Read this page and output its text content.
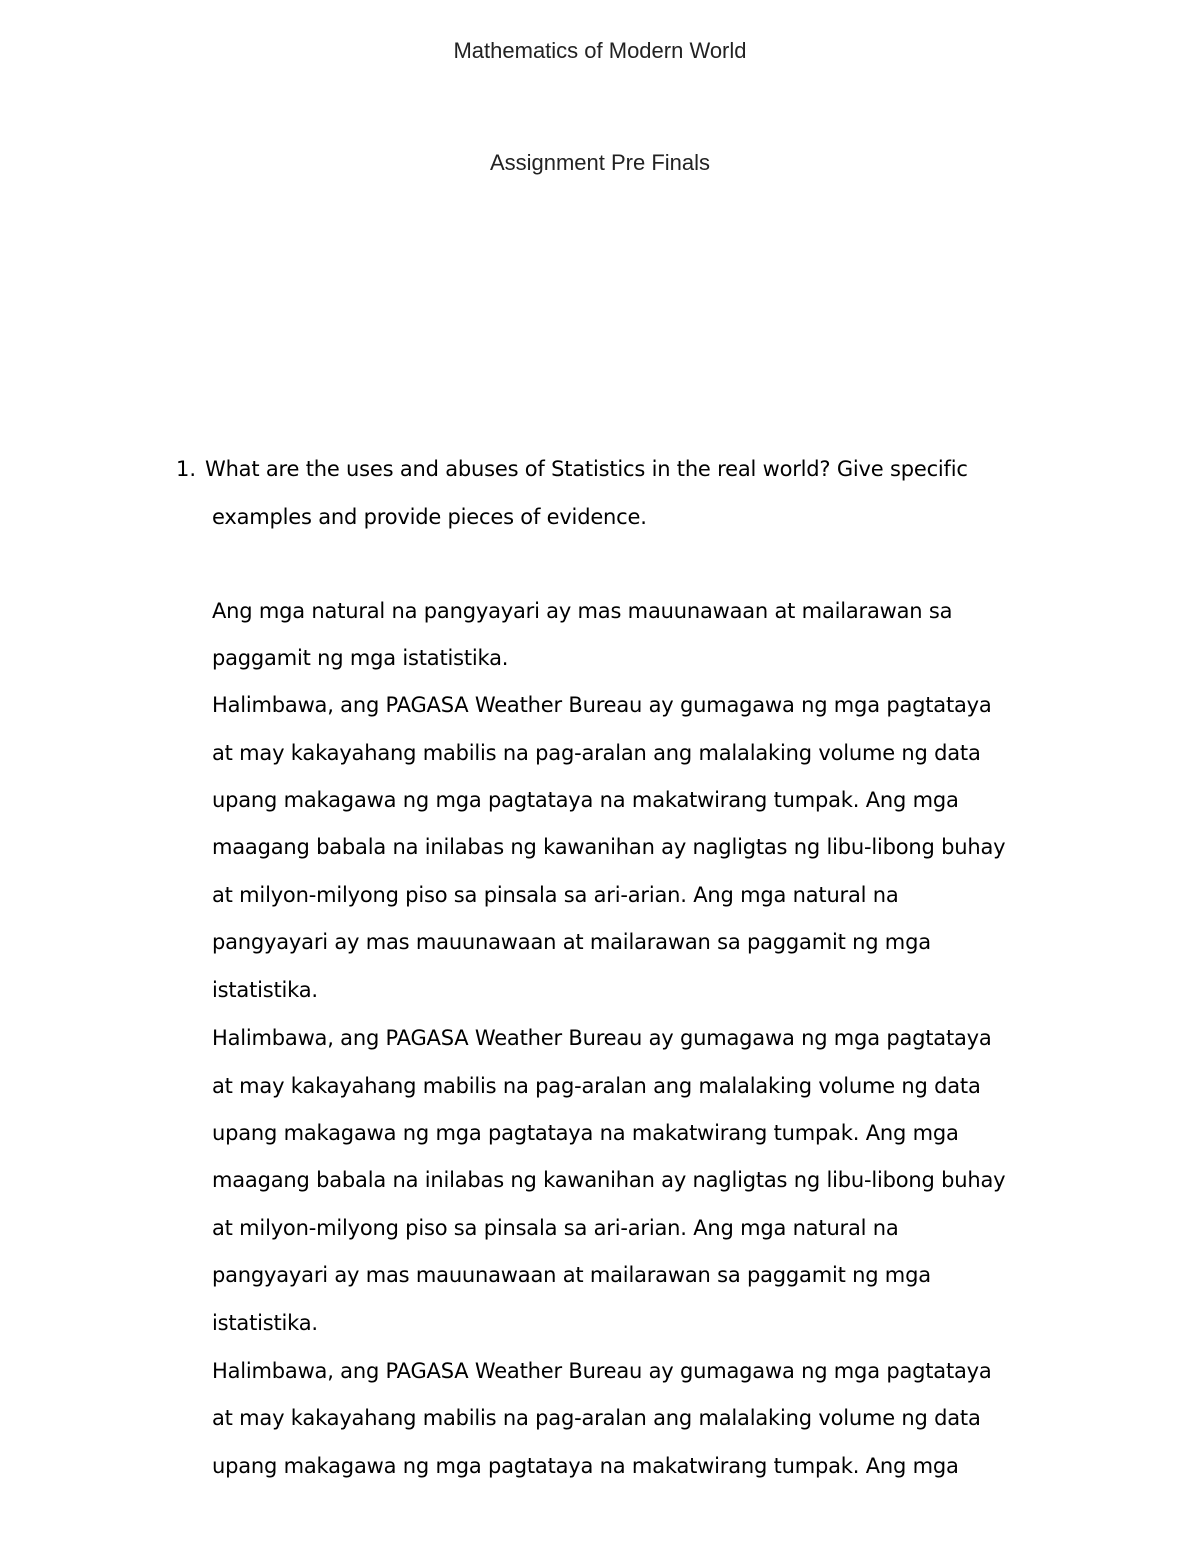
Mathematics of Modern World
Assignment Pre Finals
1. What are the uses and abuses of Statistics in the real world? Give specific
examples and provide pieces of evidence.
Ang mga natural na pangyayari ay mas mauunawaan at mailarawan sa
paggamit ng mga istatistika.
Halimbawa, ang PAGASA Weather Bureau ay gumagawa ng mga pagtataya
at may kakayahang mabilis na pag-aralan ang malalaking volume ng data
upang makagawa ng mga pagtataya na makatwirang tumpak. Ang mga
maagang babala na inilabas ng kawanihan ay nagligtas ng libu-libong buhay
at milyon-milyong piso sa pinsala sa ari-arian. Ang mga natural na
pangyayari ay mas mauunawaan at mailarawan sa paggamit ng mga
istatistika.
Halimbawa, ang PAGASA Weather Bureau ay gumagawa ng mga pagtataya
at may kakayahang mabilis na pag-aralan ang malalaking volume ng data
upang makagawa ng mga pagtataya na makatwirang tumpak. Ang mga
maagang babala na inilabas ng kawanihan ay nagligtas ng libu-libong buhay
at milyon-milyong piso sa pinsala sa ari-arian. Ang mga natural na
pangyayari ay mas mauunawaan at mailarawan sa paggamit ng mga
istatistika.
Halimbawa, ang PAGASA Weather Bureau ay gumagawa ng mga pagtataya
at may kakayahang mabilis na pag-aralan ang malalaking volume ng data
upang makagawa ng mga pagtataya na makatwirang tumpak. Ang mga
